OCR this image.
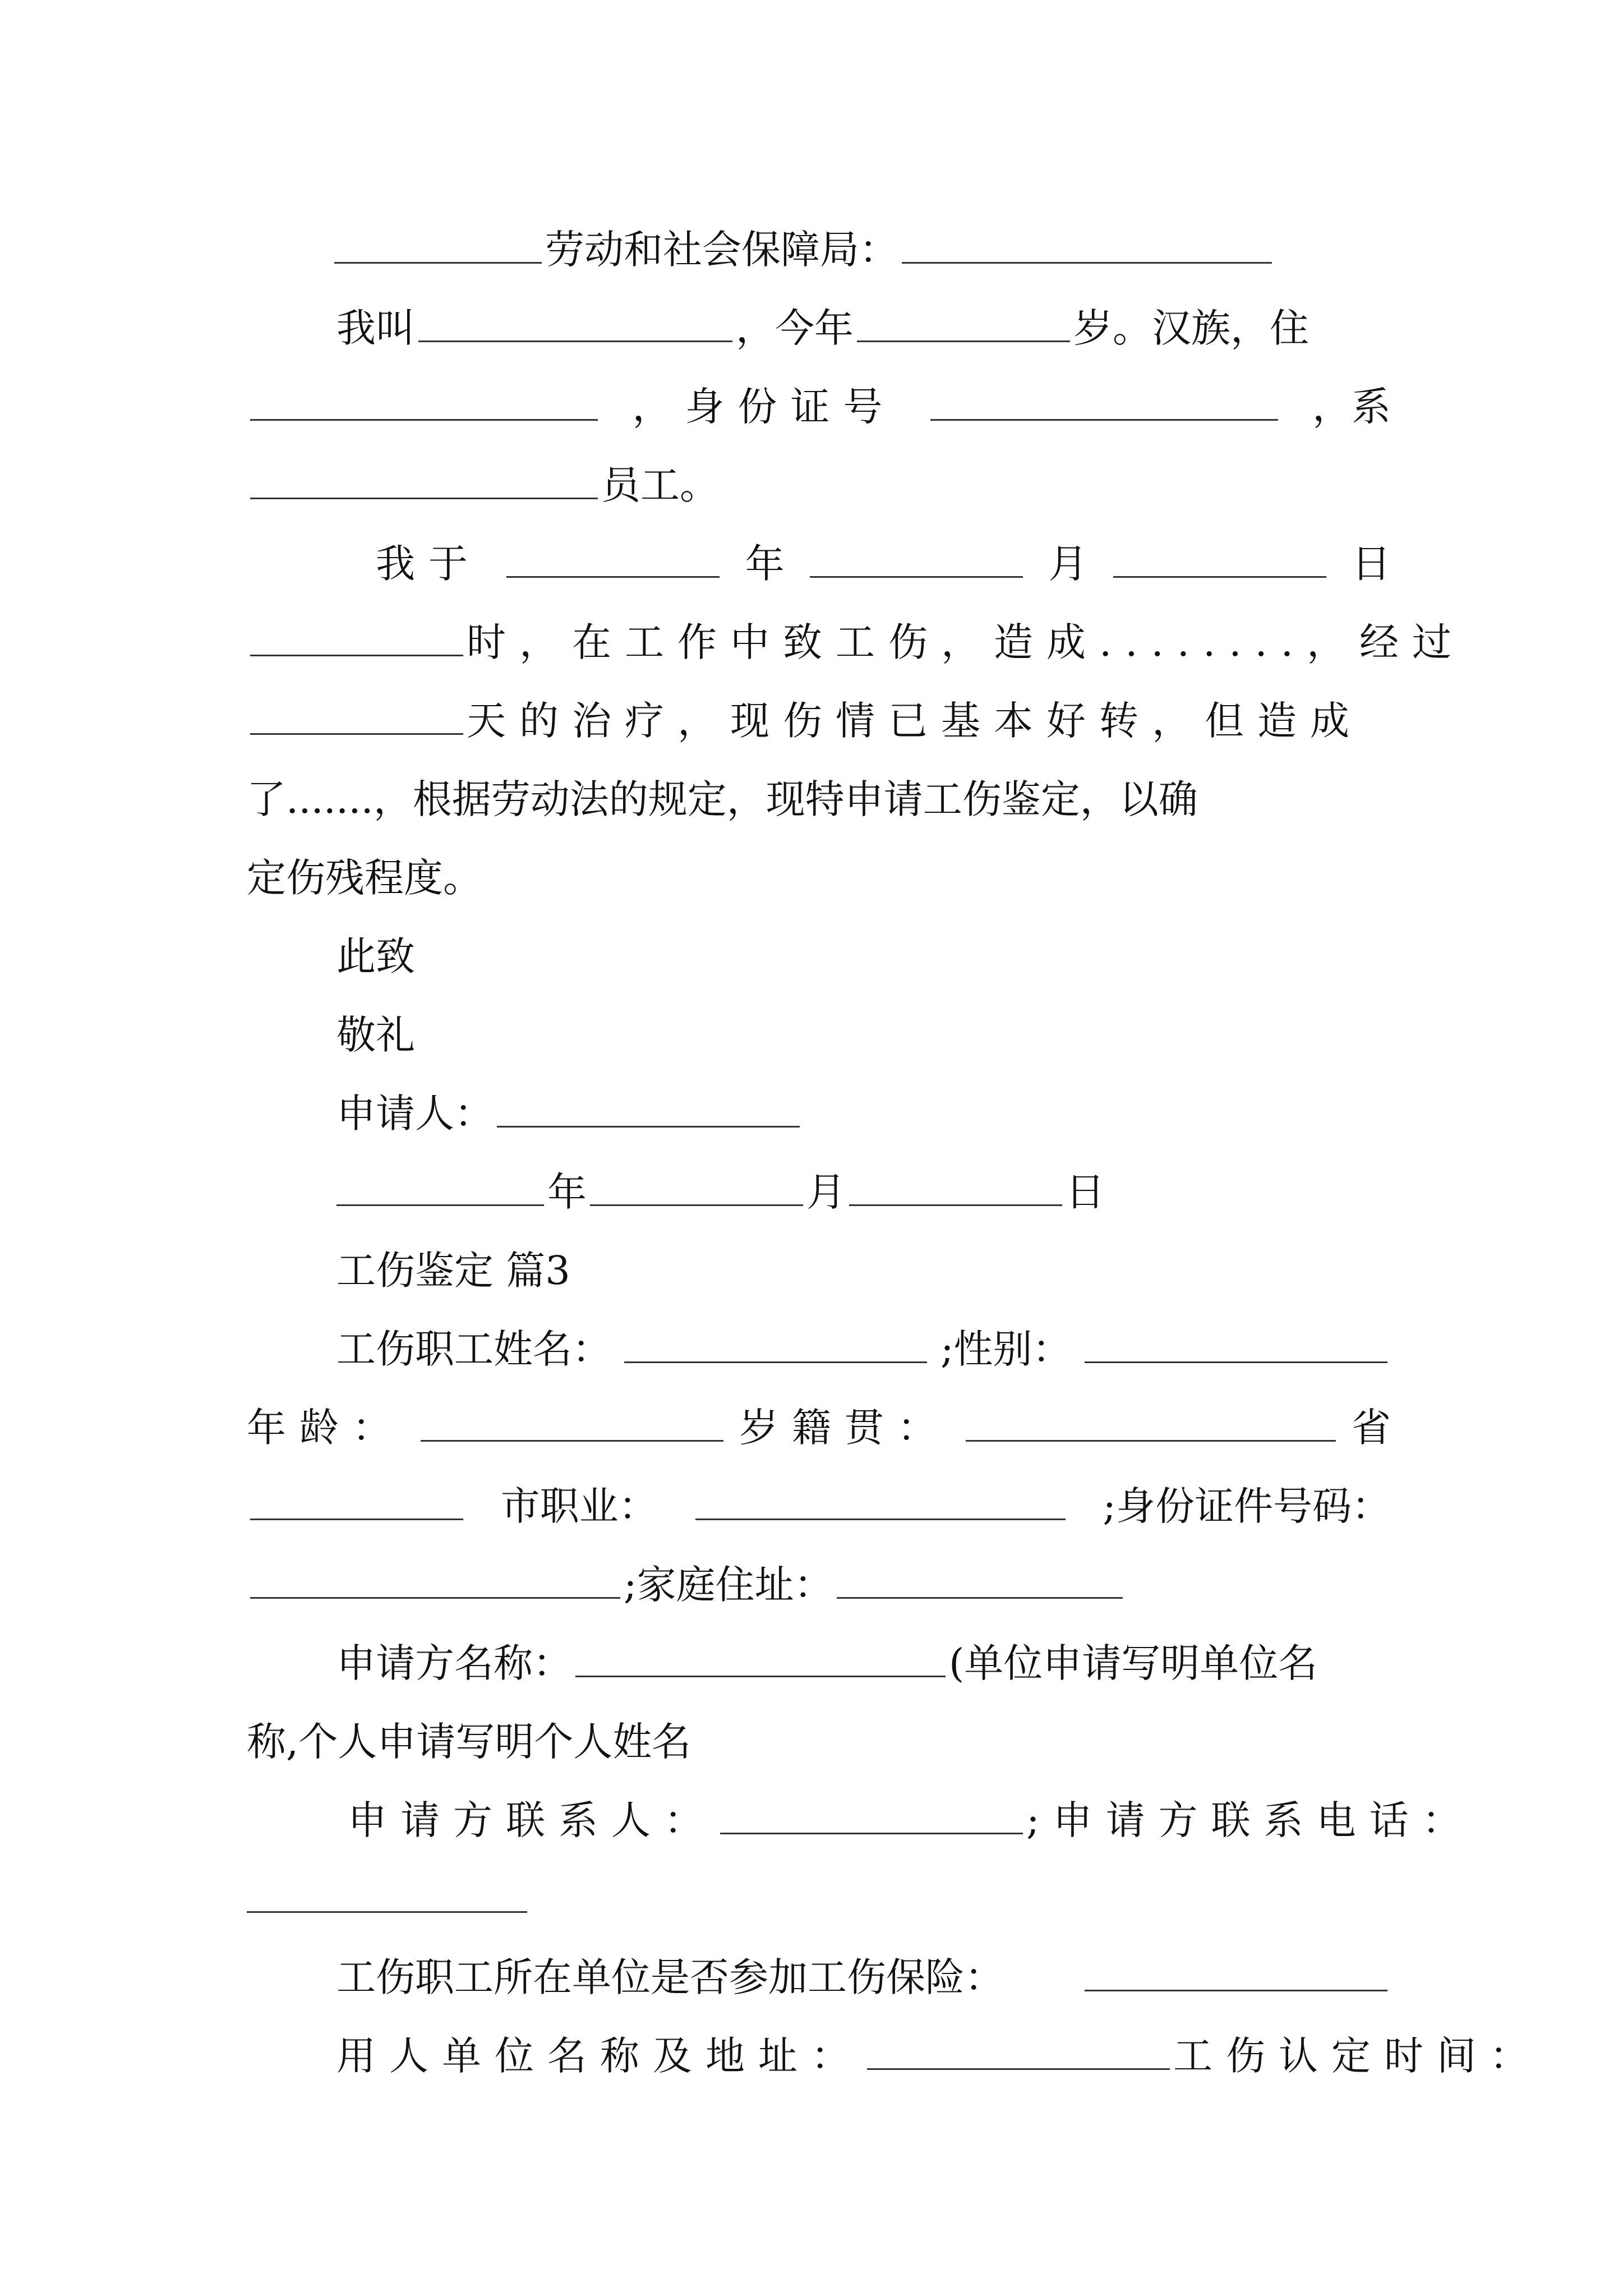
劳动和社会保障局：
我叫	，今年	岁。汉族，住
，身份证号	，系
员工。
我于	年	月	日
时，在工作中致工伤，造成........，经过
天的治疗，现伤情已基本好转，但造成
了.......，根据劳动法的规定，现特申请工伤鉴定，以确
定伤残程度。
此致
敬礼
申请人：
年	月	日
工伤鉴定 篇3
工伤职工姓名：	;性别：
年龄：	岁籍贯：	省
市职业：	;身份证件号码：
;家庭住址：
申请方名称：	(单位申请写明单位名
称,个人申请写明个人姓名
申请方联系人：	;申请方联系电话：
工伤职工所在单位是否参加工伤保险：
用人单位名称及地址：	工伤认定时间：
